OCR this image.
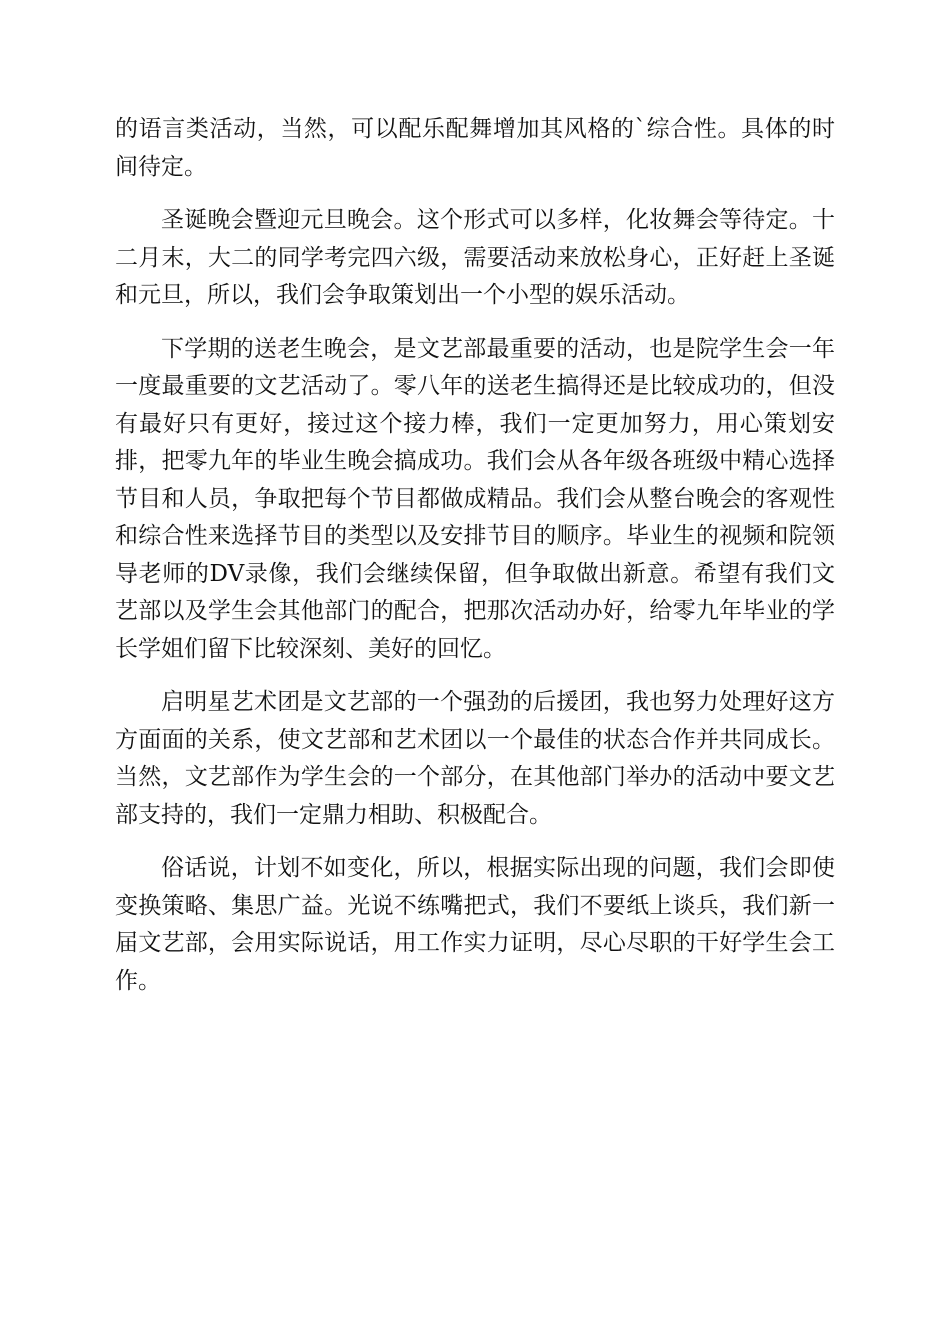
的语言类活动，当然，可以配乐配舞增加其风格的`综合性。具体的时间待定。

圣诞晚会暨迎元旦晚会。这个形式可以多样，化妆舞会等待定。十二月末，大二的同学考完四六级，需要活动来放松身心，正好赶上圣诞和元旦，所以，我们会争取策划出一个小型的娱乐活动。

下学期的送老生晚会，是文艺部最重要的活动，也是院学生会一年一度最重要的文艺活动了。零八年的送老生搞得还是比较成功的，但没有最好只有更好，接过这个接力棒，我们一定更加努力，用心策划安排，把零九年的毕业生晚会搞成功。我们会从各年级各班级中精心选择节目和人员，争取把每个节目都做成精品。我们会从整台晚会的客观性和综合性来选择节目的类型以及安排节目的顺序。毕业生的视频和院领导老师的DV录像，我们会继续保留，但争取做出新意。希望有我们文艺部以及学生会其他部门的配合，把那次活动办好，给零九年毕业的学长学姐们留下比较深刻、美好的回忆。

启明星艺术团是文艺部的一个强劲的后援团，我也努力处理好这方方面面的关系，使文艺部和艺术团以一个最佳的状态合作并共同成长。当然，文艺部作为学生会的一个部分，在其他部门举办的活动中要文艺部支持的，我们一定鼎力相助、积极配合。

俗话说，计划不如变化，所以，根据实际出现的问题，我们会即使变换策略、集思广益。光说不练嘴把式，我们不要纸上谈兵，我们新一届文艺部，会用实际说话，用工作实力证明，尽心尽职的干好学生会工作。
